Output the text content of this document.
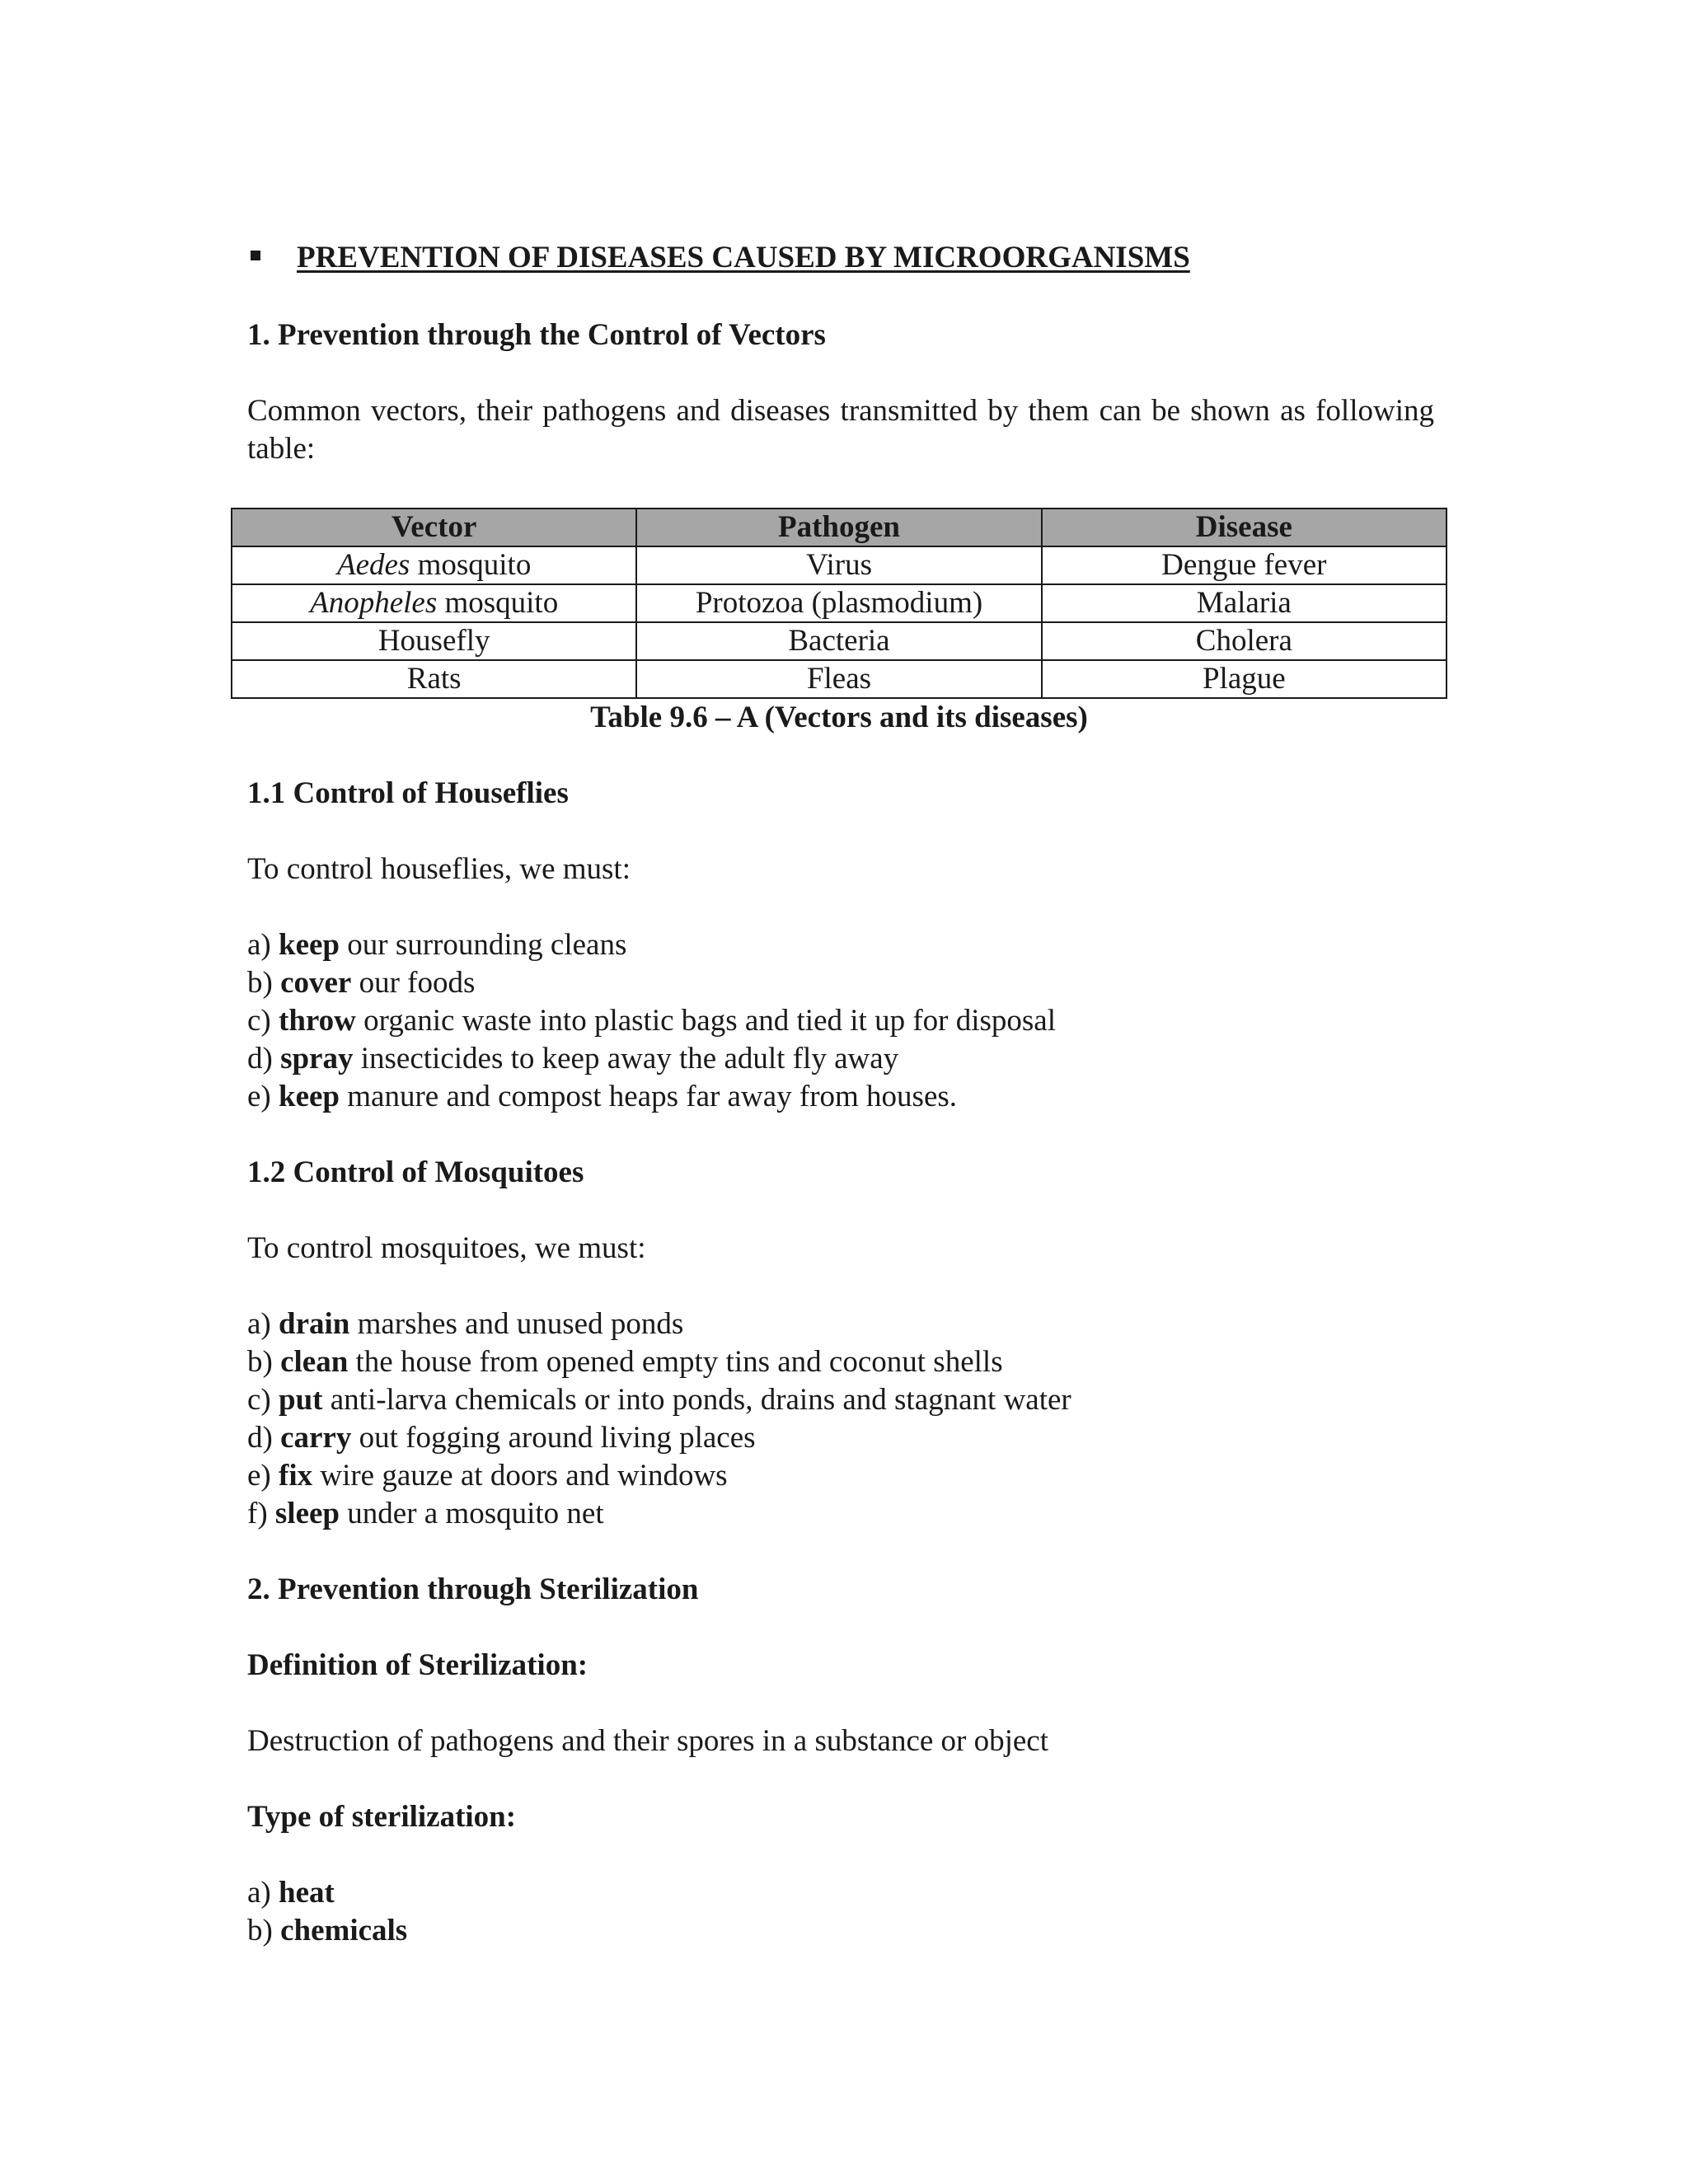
PREVENTION OF DISEASES CAUSED BY MICROORGANISMS
1. Prevention through the Control of Vectors

Common vectors, their pathogens and diseases transmitted by them can be shown as following table:

Vector	Pathogen	Disease
Aedes mosquito	Virus	Dengue fever
Anopheles mosquito	Protozoa (plasmodium)	Malaria
Housefly	Bacteria	Cholera
Rats	Fleas	Plague
Table 9.6 – A (Vectors and its diseases)
1.1 Control of Houseflies

To control houseflies, we must:

a) keep our surrounding cleans
b) cover our foods
c) throw organic waste into plastic bags and tied it up for disposal
d) spray insecticides to keep away the adult fly away
e) keep manure and compost heaps far away from houses.
1.2 Control of Mosquitoes

To control mosquitoes, we must:

a) drain marshes and unused ponds
b) clean the house from opened empty tins and coconut shells
c) put anti-larva chemicals or into ponds, drains and stagnant water
d) carry out fogging around living places
e) fix wire gauze at doors and windows
f) sleep under a mosquito net
2. Prevention through Sterilization
Definition of Sterilization:

Destruction of pathogens and their spores in a substance or object

Type of sterilization:
a) heat
b) chemicals
